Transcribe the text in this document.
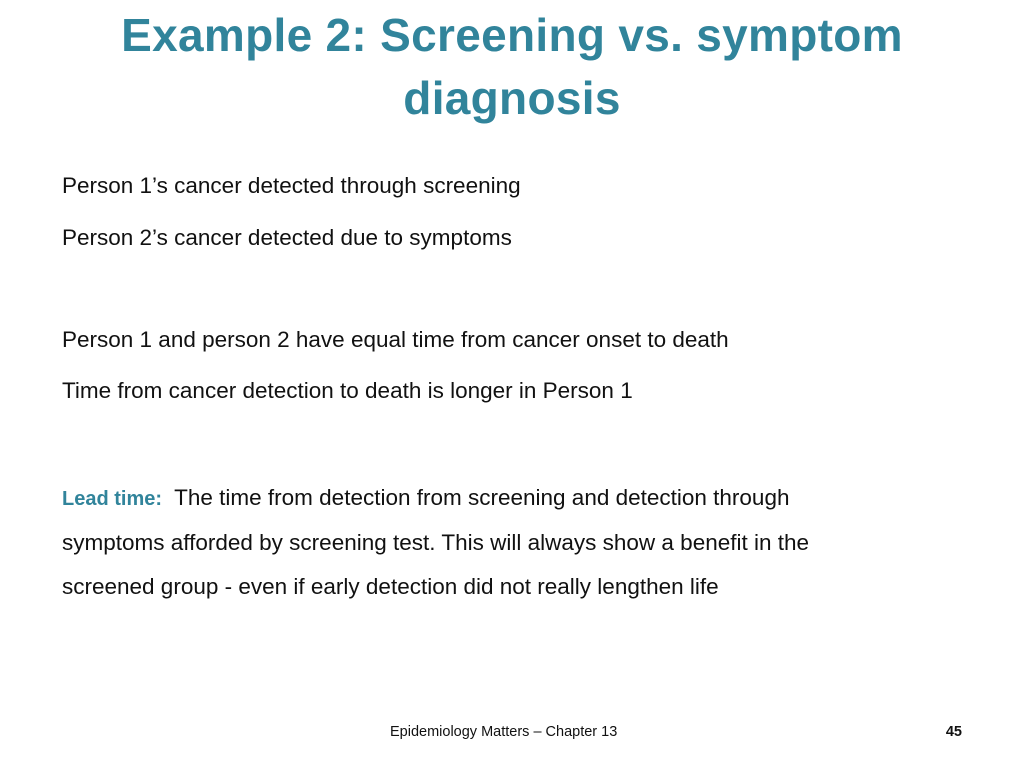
Example 2: Screening vs. symptom
diagnosis

Person 1’s cancer detected through screening

Person 2’s cancer detected due to symptoms

Person 1 and person 2 have equal time from cancer onset to death

Time from cancer detection to death is longer in Person 1

Lead time: The time from detection from screening and detection through
symptoms afforded by screening test. This will always show a benefit in the
screened group - even if early detection did not really lengthen life
Epidemiology Matters – Chapter 13	45
